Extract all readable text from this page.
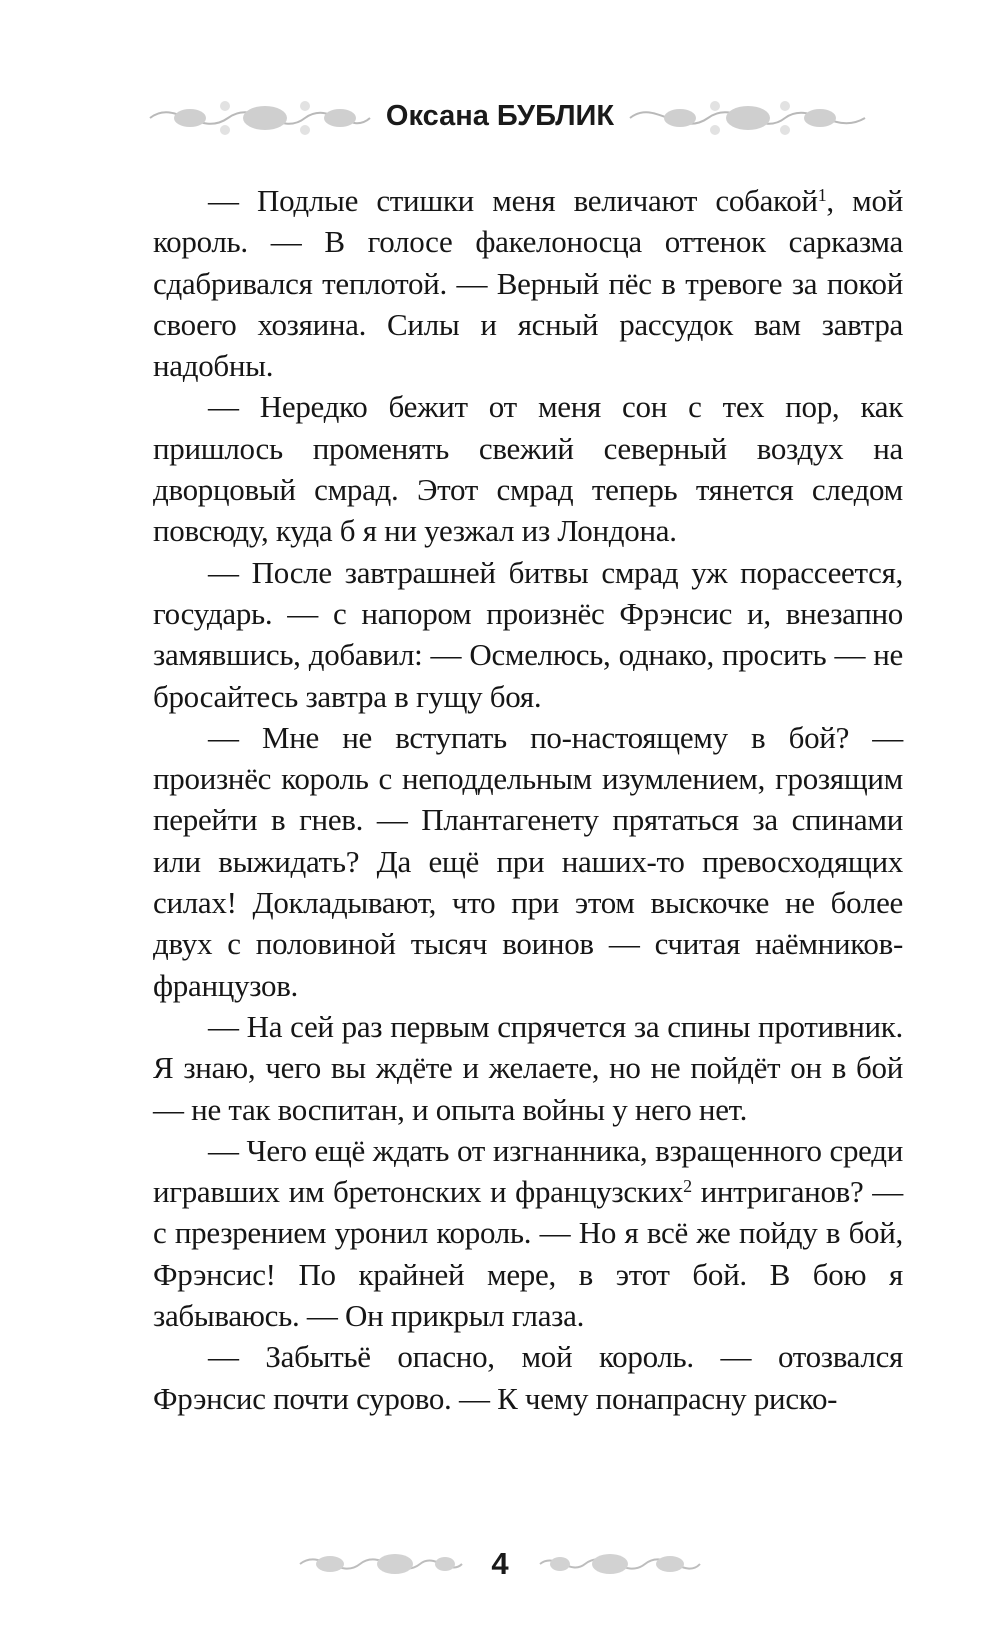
Оксана БУБЛИК

— Подлые стишки меня величают собакой$^1$, мой король. — В голосе факелоносца оттенок сарказма сдабривался теплотой. — Верный пёс в тревоге за покой своего хозяина. Силы и ясный рассудок вам завтра надобны.

— Нередко бежит от меня сон с тех пор, как пришлось променять свежий северный воздух на дворцовый смрад. Этот смрад теперь тянется следом повсюду, куда б я ни уезжал из Лондона.

— После завтрашней битвы смрад уж порассеется, государь. — с напором произнёс Фрэнсис и, внезапно замявшись, добавил: — Осмелюсь, однако, просить — не бросайтесь завтра в гущу боя.

— Мне не вступать по-настоящему в бой? — произнёс король с неподдельным изумлением, грозящим перейти в гнев. — Плантагенету прятаться за спинами или выжидать? Да ещё при наших-то превосходящих силах! Докладывают, что при этом выскочке не более двух с половиной тысяч воинов — считая наёмников-французов.

— На сей раз первым спрячется за спины противник. Я знаю, чего вы ждёте и желаете, но не пойдёт он в бой — не так воспитан, и опыта войны у него нет.

— Чего ещё ждать от изгнанника, взращенного среди игравших им бретонских и французских$^2$ интриганов? — с презрением уронил король. — Но я всё же пойду в бой, Фрэнсис! По крайней мере, в этот бой. В бою я забываюсь. — Он прикрыл глаза.

— Забытьё опасно, мой король. — отозвался Фрэнсис почти сурово. — К чему понапрасну риско-

4
